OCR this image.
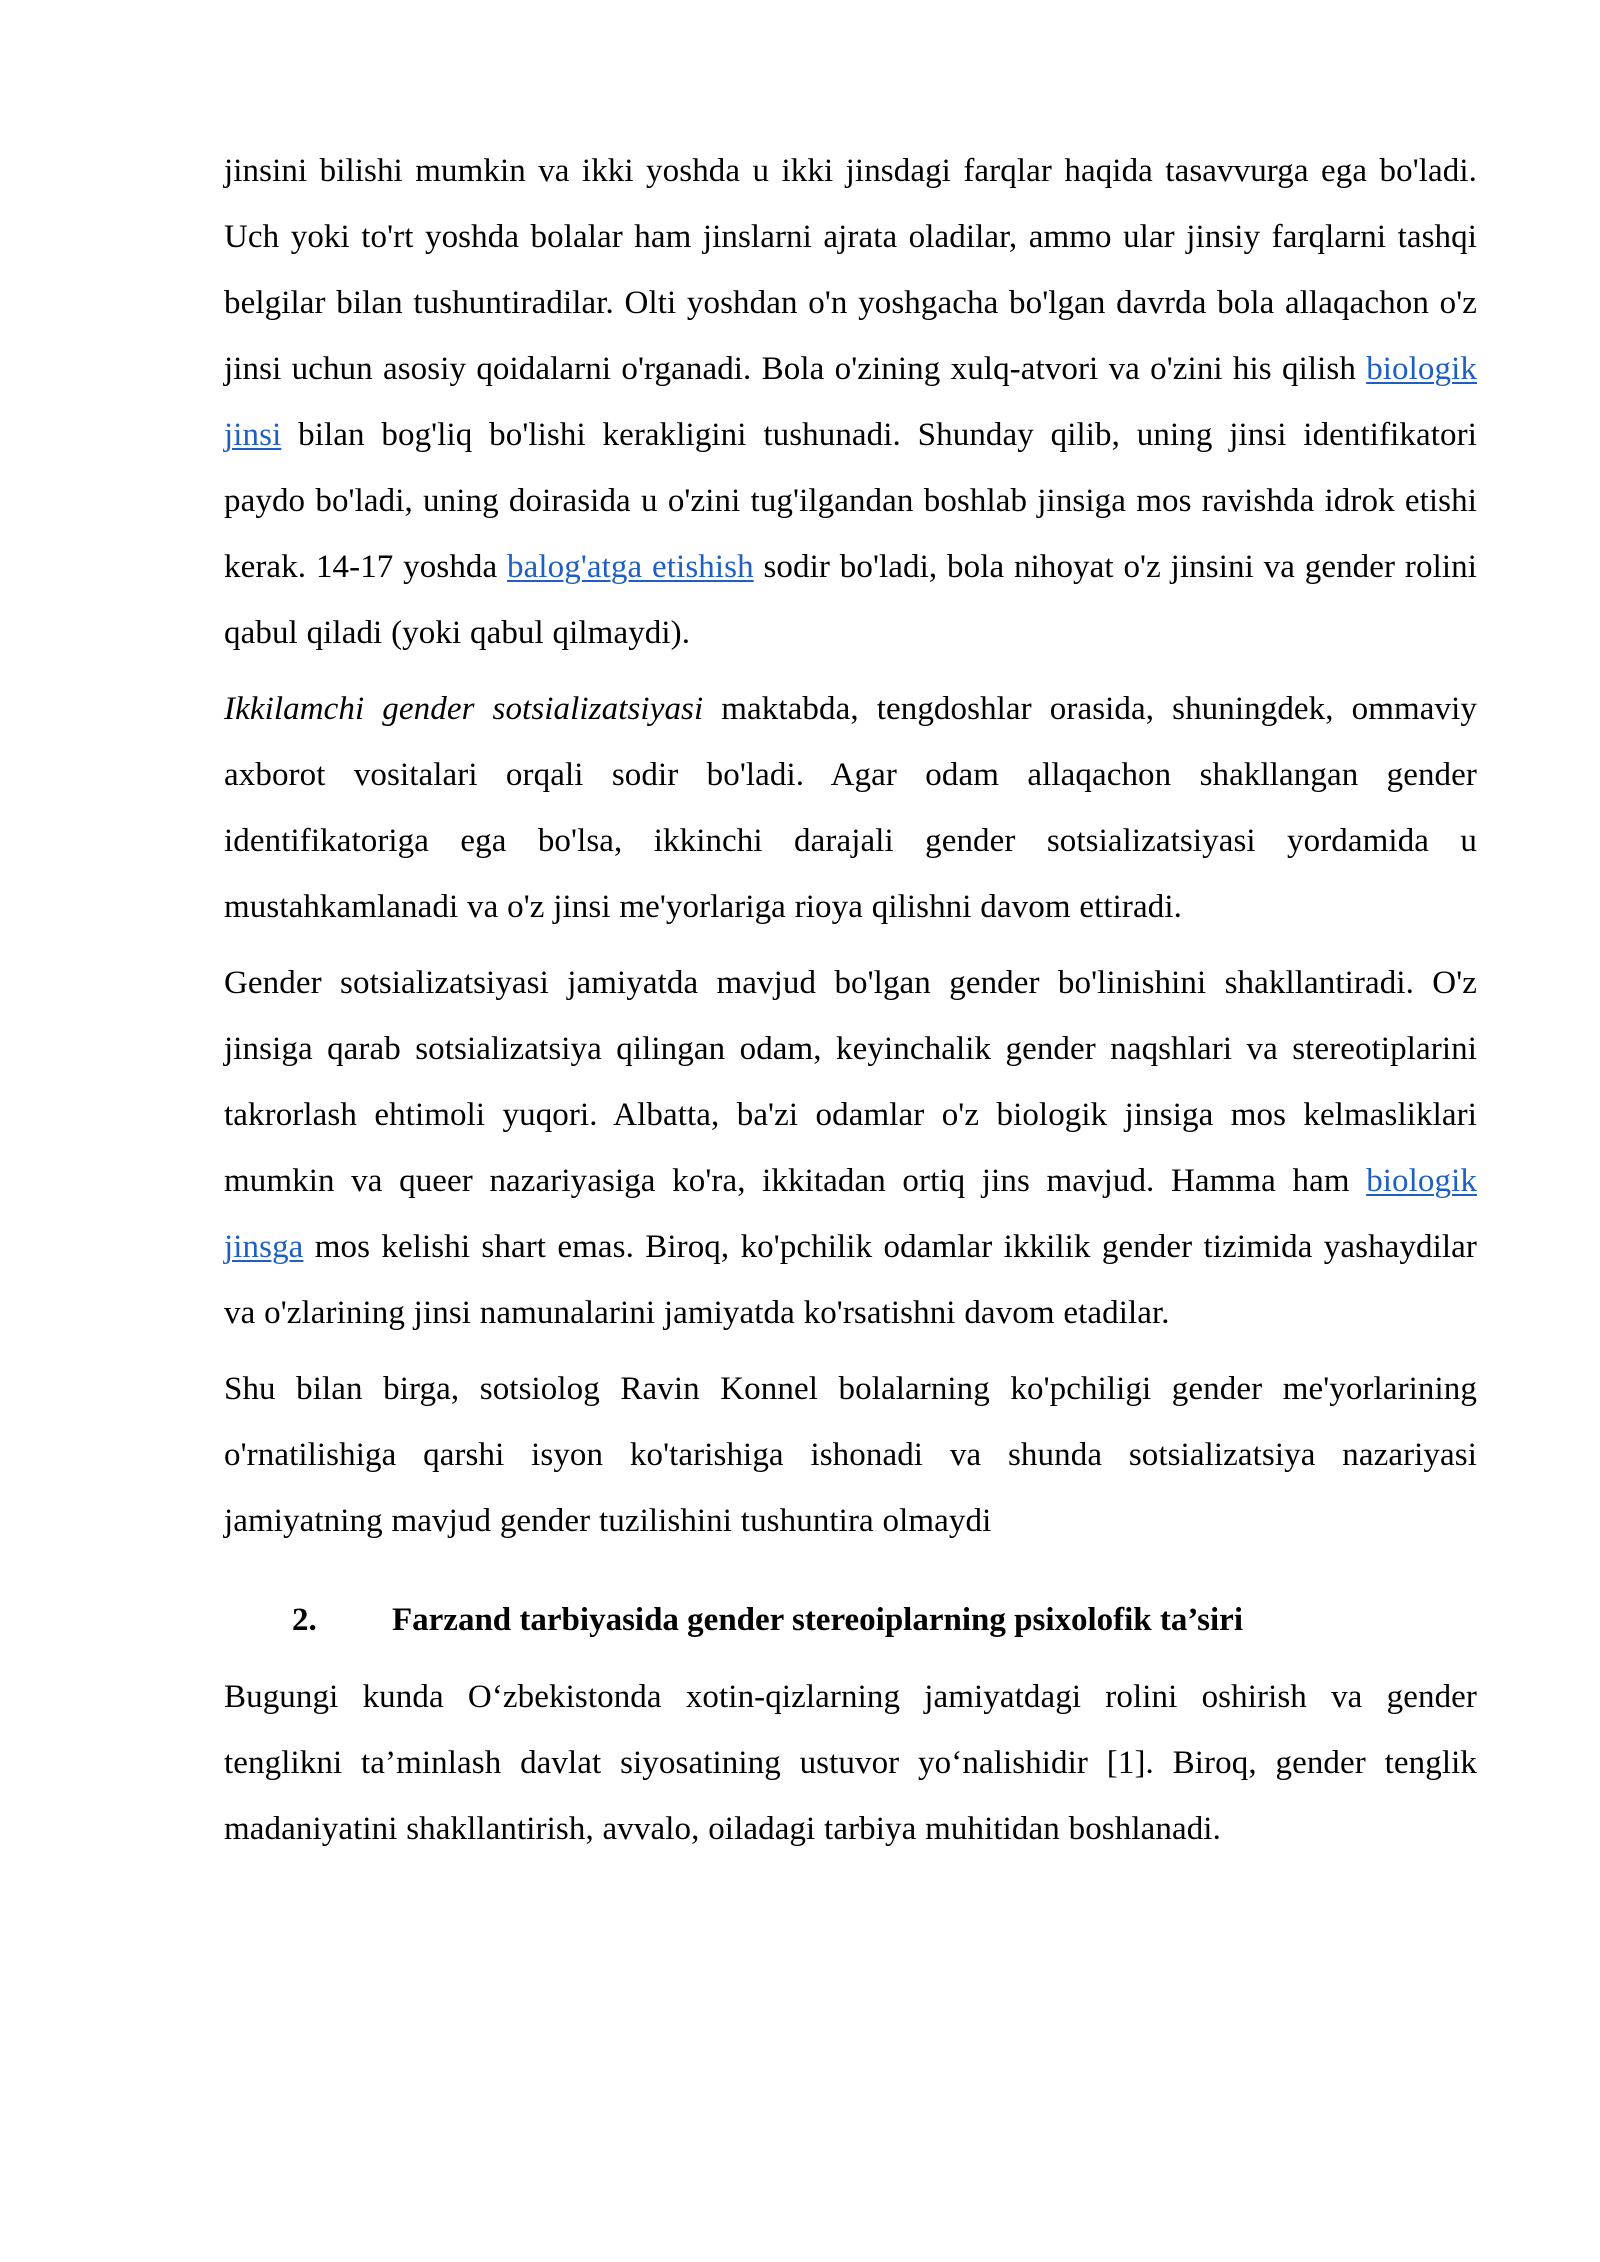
jinsini bilishi mumkin va ikki yoshda u ikki jinsdagi farqlar haqida tasavvurga ega bo'ladi. Uch yoki to'rt yoshda bolalar ham jinslarni ajrata oladilar, ammo ular jinsiy farqlarni tashqi belgilar bilan tushuntiradilar. Olti yoshdan o'n yoshgacha bo'lgan davrda bola allaqachon o'z jinsi uchun asosiy qoidalarni o'rganadi. Bola o'zining xulq-atvori va o'zini his qilish biologik jinsi bilan bog'liq bo'lishi kerakligini tushunadi. Shunday qilib, uning jinsi identifikatori paydo bo'ladi, uning doirasida u o'zini tug'ilgandan boshlab jinsiga mos ravishda idrok etishi kerak. 14-17 yoshda balog'atga etishish sodir bo'ladi, bola nihoyat o'z jinsini va gender rolini qabul qiladi (yoki qabul qilmaydi).

Ikkilamchi gender sotsializatsiyasi maktabda, tengdoshlar orasida, shuningdek, ommaviy axborot vositalari orqali sodir bo'ladi. Agar odam allaqachon shakllangan gender identifikatoriga ega bo'lsa, ikkinchi darajali gender sotsializatsiyasi yordamida u mustahkamlanadi va o'z jinsi me'yorlariga rioya qilishni davom ettiradi.

Gender sotsializatsiyasi jamiyatda mavjud bo'lgan gender bo'linishini shakllantiradi. O'z jinsiga qarab sotsializatsiya qilingan odam, keyinchalik gender naqshlari va stereotiplarini takrorlash ehtimoli yuqori. Albatta, ba'zi odamlar o'z biologik jinsiga mos kelmasliklari mumkin va queer nazariyasiga ko'ra, ikkitadan ortiq jins mavjud. Hamma ham biologik jinsga mos kelishi shart emas. Biroq, ko'pchilik odamlar ikkilik gender tizimida yashaydilar va o'zlarining jinsi namunalarini jamiyatda ko'rsatishni davom etadilar.

Shu bilan birga, sotsiolog Ravin Konnel bolalarning ko'pchiligi gender me'yorlarining o'rnatilishiga qarshi isyon ko'tarishiga ishonadi va shunda sotsializatsiya nazariyasi jamiyatning mavjud gender tuzilishini tushuntira olmaydi

2. Farzand tarbiyasida gender stereoiplarning psixolofik ta’siri

Bugungi kunda Oʻzbekistonda xotin-qizlarning jamiyatdagi rolini oshirish va gender tenglikni ta’minlash davlat siyosatining ustuvor yoʻnalishidir [1]. Biroq, gender tenglik madaniyatini shakllantirish, avvalo, oiladagi tarbiya muhitidan boshlanadi.
